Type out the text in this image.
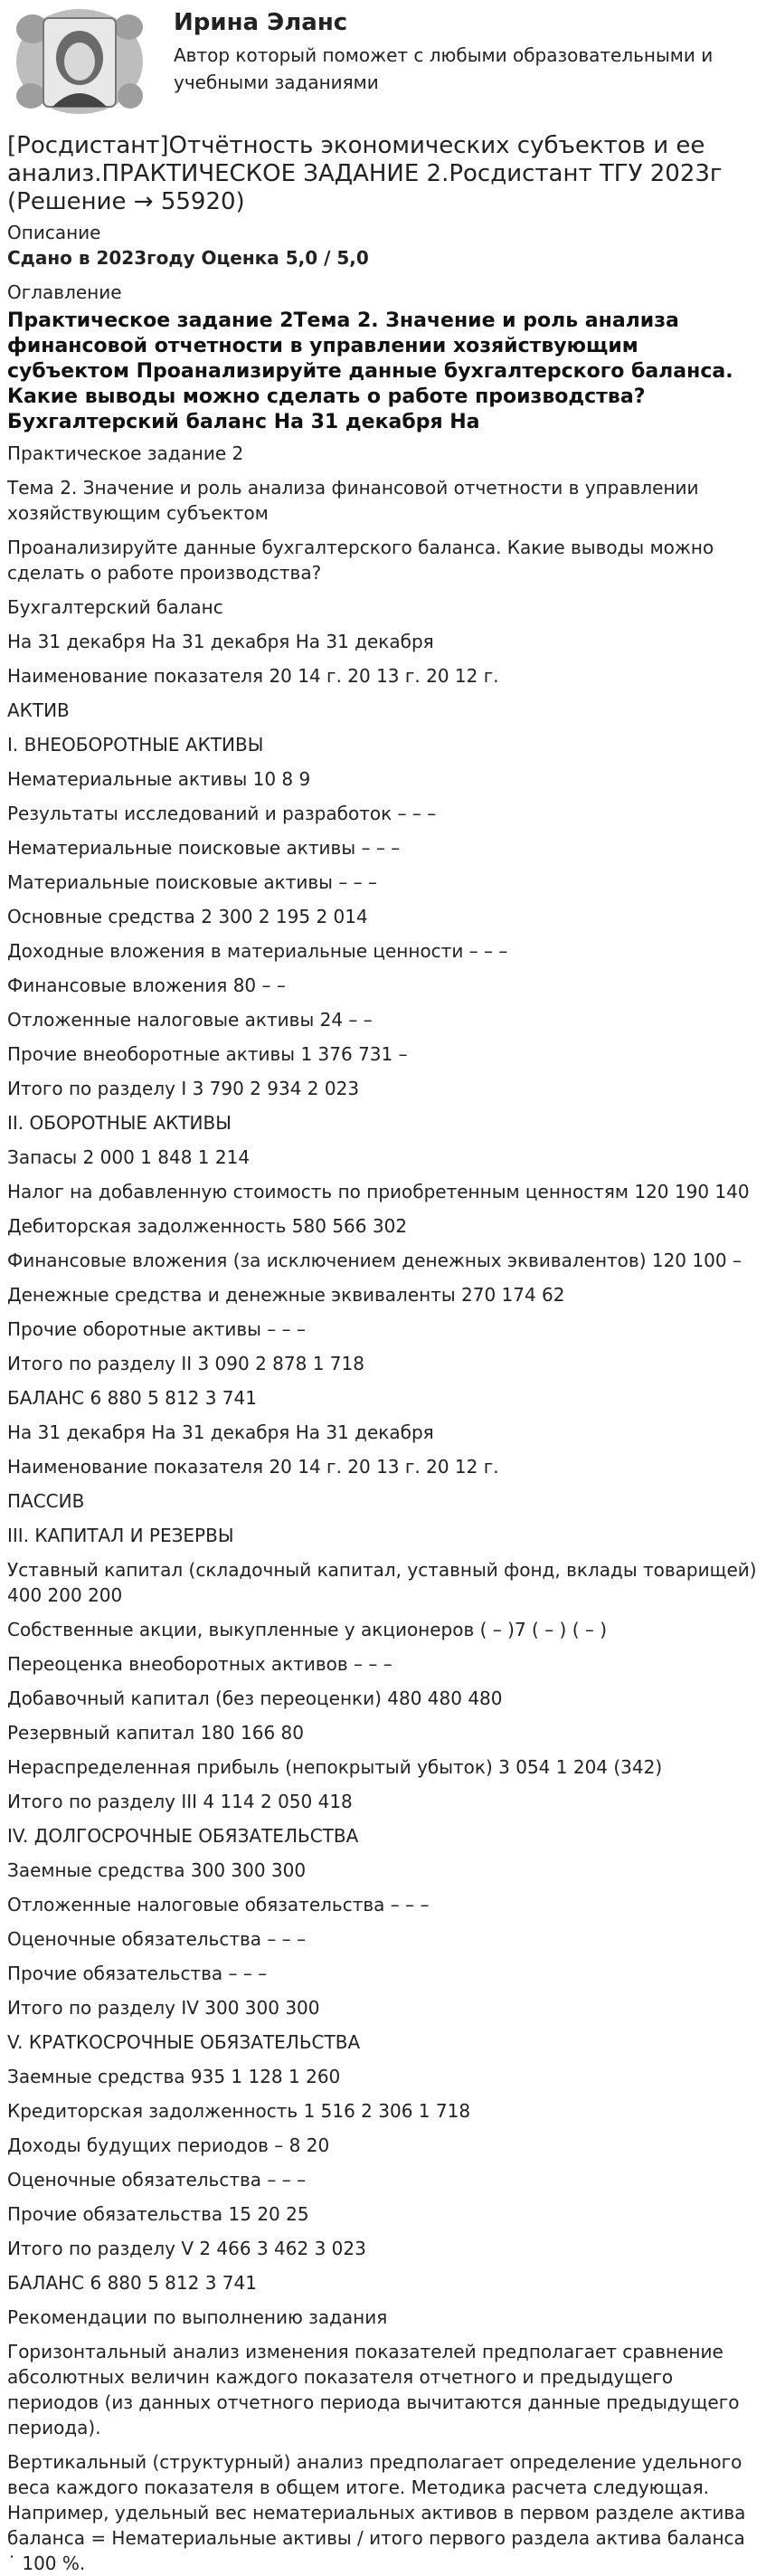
Ирина Эланс
Автор который поможет с любыми образовательными и учебными заданиями
[Росдистант]Отчётность экономических субъектов и ее анализ.ПРАКТИЧЕСКОЕ ЗАДАНИЕ 2.Росдистант ТГУ 2023г (Решение → 55920)
Описание
Сдано в 2023году Оценка 5,0 / 5,0
Оглавление
Практическое задание 2Тема 2. Значение и роль анализа финансовой отчетности в управлении хозяйствующим субъектом Проанализируйте данные бухгалтерского баланса. Какие выводы можно сделать о работе производства?Бухгалтерский баланс На 31 декабря На

Практическое задание 2

Тема 2. Значение и роль анализа финансовой отчетности в управлении хозяйствующим субъектом

Проанализируйте данные бухгалтерского баланса. Какие выводы можно сделать о работе производства?

Бухгалтерский баланс

На 31 декабря На 31 декабря На 31 декабря

Наименование показателя 20 14 г. 20 13 г. 20 12 г.

АКТИВ

I. ВНЕОБОРОТНЫЕ АКТИВЫ

Нематериальные активы 10 8 9

Результаты исследований и разработок – – –

Нематериальные поисковые активы – – –

Материальные поисковые активы – – –

Основные средства 2 300 2 195 2 014

Доходные вложения в материальные ценности – – –

Финансовые вложения 80 – –

Отложенные налоговые активы 24 – –

Прочие внеоборотные активы 1 376 731 –

Итого по разделу I 3 790 2 934 2 023

II. ОБОРОТНЫЕ АКТИВЫ

Запасы 2 000 1 848 1 214

Налог на добавленную стоимость по приобретенным ценностям 120 190 140

Дебиторская задолженность 580 566 302

Финансовые вложения (за исключением денежных эквивалентов) 120 100 –

Денежные средства и денежные эквиваленты 270 174 62

Прочие оборотные активы – – –

Итого по разделу II 3 090 2 878 1 718

БАЛАНС 6 880 5 812 3 741

На 31 декабря На 31 декабря На 31 декабря

Наименование показателя 20 14 г. 20 13 г. 20 12 г.

ПАССИВ

III. КАПИТАЛ И РЕЗЕРВЫ

Уставный капитал (складочный капитал, уставный фонд, вклады товарищей) 400 200 200

Собственные акции, выкупленные у акционеров ( – )7 ( – ) ( – )

Переоценка внеоборотных активов – – –

Добавочный капитал (без переоценки) 480 480 480

Резервный капитал 180 166 80

Нераспределенная прибыль (непокрытый убыток) 3 054 1 204 (342)

Итого по разделу III 4 114 2 050 418

IV. ДОЛГОСРОЧНЫЕ ОБЯЗАТЕЛЬСТВА

Заемные средства 300 300 300

Отложенные налоговые обязательства – – –

Оценочные обязательства – – –

Прочие обязательства – – –

Итого по разделу IV 300 300 300

V. КРАТКОСРОЧНЫЕ ОБЯЗАТЕЛЬСТВА

Заемные средства 935 1 128 1 260

Кредиторская задолженность 1 516 2 306 1 718

Доходы будущих периодов – 8 20

Оценочные обязательства – – –

Прочие обязательства 15 20 25

Итого по разделу V 2 466 3 462 3 023

БАЛАНС 6 880 5 812 3 741

Рекомендации по выполнению задания

Горизонтальный анализ изменения показателей предполагает сравнение абсолютных величин каждого показателя отчетного и предыдущего периодов (из данных отчетного периода вычитаются данные предыдущего периода).

Вертикальный (структурный) анализ предполагает определение удельного веса каждого показателя в общем итоге. Методика расчета следующая. Например, удельный вес нематериальных активов в первом разделе актива баланса = Нематериальные активы / итого первого раздела актива баланса ˙ 100 %.
